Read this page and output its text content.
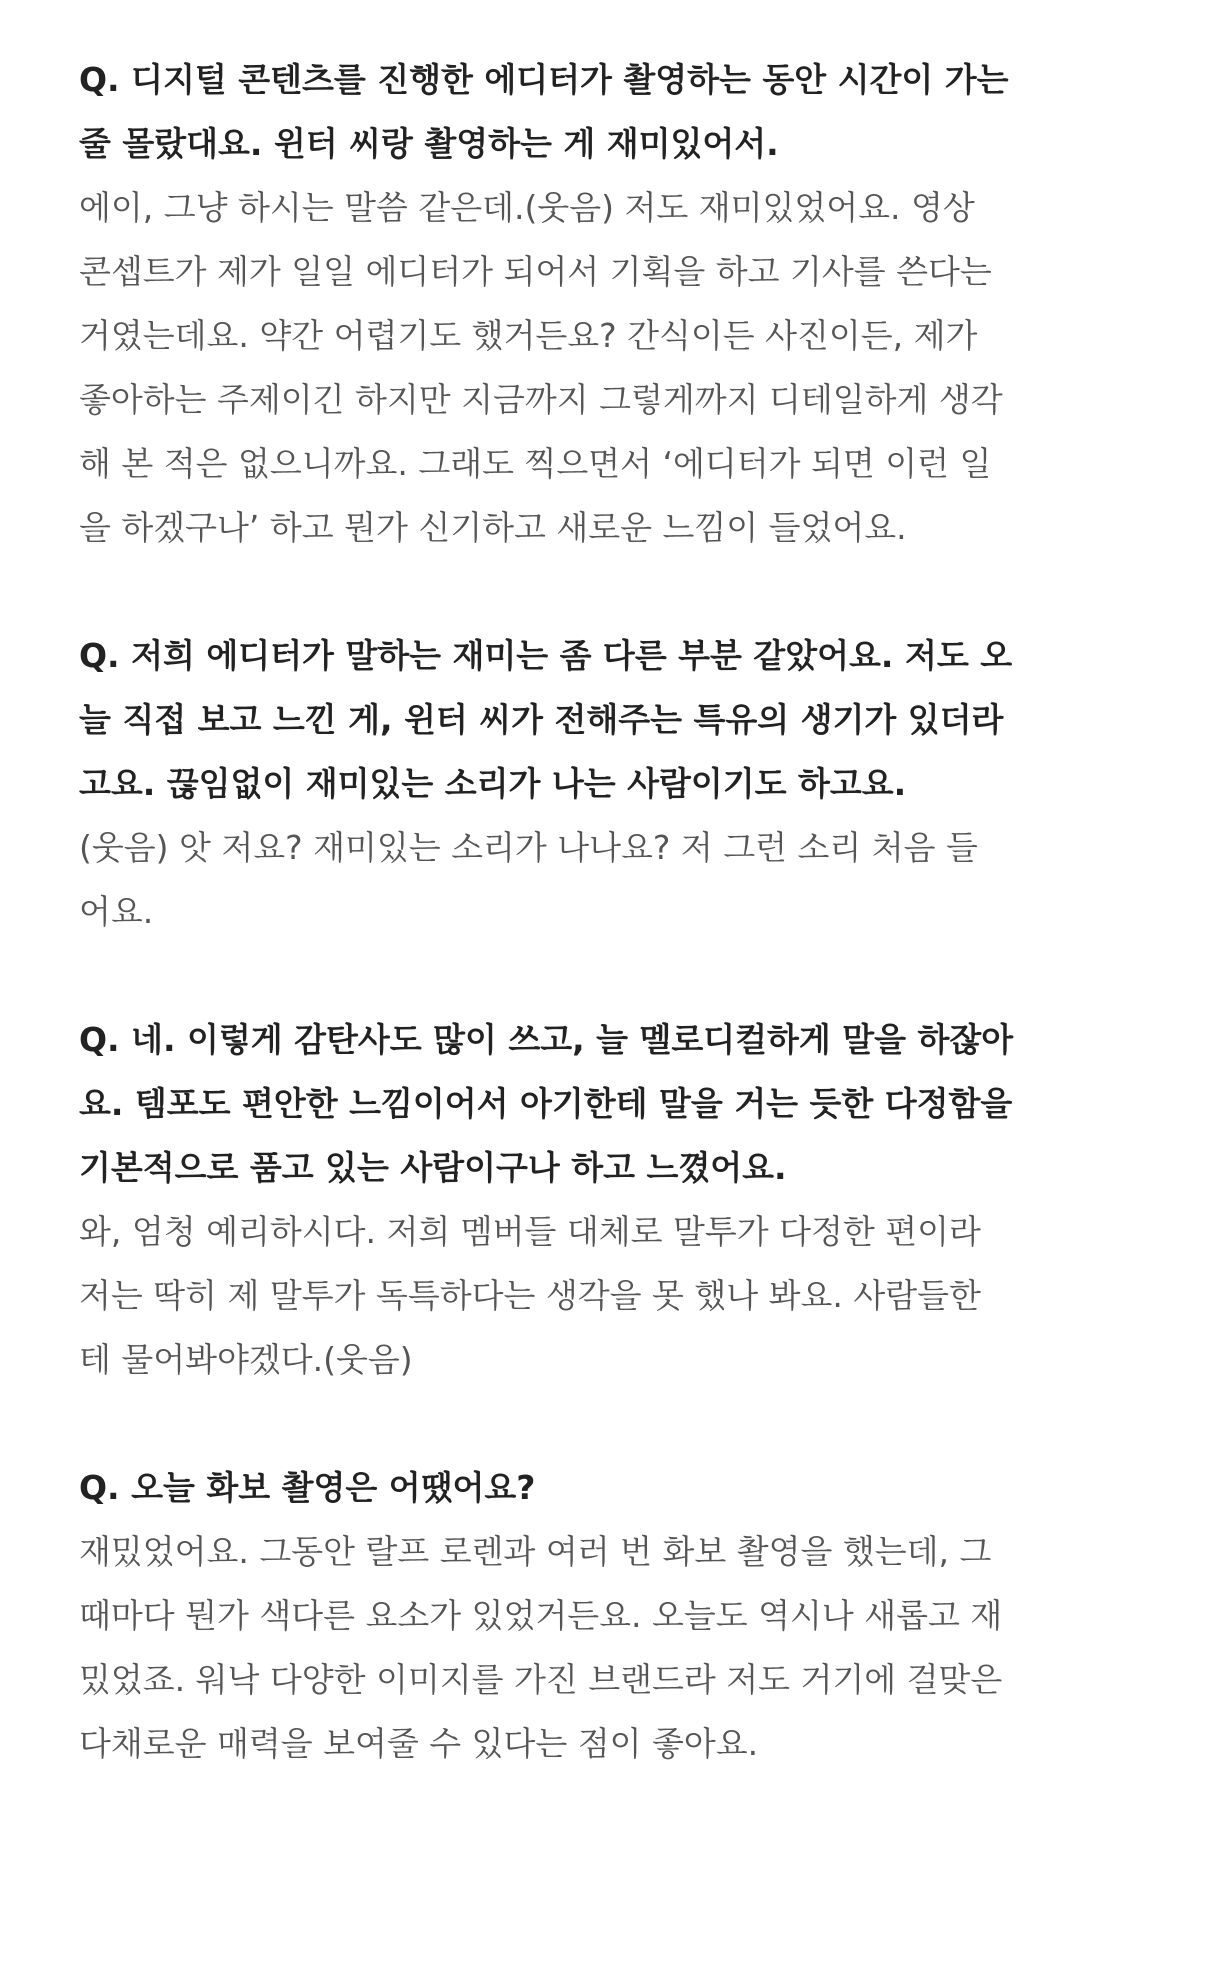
Q. 디지털 콘텐츠를 진행한 에디터가 촬영하는 동안 시간이 가는
줄 몰랐대요. 윈터 씨랑 촬영하는 게 재미있어서.

에이, 그냥 하시는 말씀 같은데.(웃음) 저도 재미있었어요. 영상
콘셉트가 제가 일일 에디터가 되어서 기획을 하고 기사를 쓴다는
거였는데요. 약간 어렵기도 했거든요? 간식이든 사진이든, 제가
좋아하는 주제이긴 하지만 지금까지 그렇게까지 디테일하게 생각
해 본 적은 없으니까요. 그래도 찍으면서 ‘에디터가 되면 이런 일
을 하겠구나’ 하고 뭔가 신기하고 새로운 느낌이 들었어요.

Q. 저희 에디터가 말하는 재미는 좀 다른 부분 같았어요. 저도 오
늘 직접 보고 느낀 게, 윈터 씨가 전해주는 특유의 생기가 있더라
고요. 끊임없이 재미있는 소리가 나는 사람이기도 하고요.

(웃음) 앗 저요? 재미있는 소리가 나나요? 저 그런 소리 처음 들
어요.

Q. 네. 이렇게 감탄사도 많이 쓰고, 늘 멜로디컬하게 말을 하잖아
요. 템포도 편안한 느낌이어서 아기한테 말을 거는 듯한 다정함을
기본적으로 품고 있는 사람이구나 하고 느꼈어요.

와, 엄청 예리하시다. 저희 멤버들 대체로 말투가 다정한 편이라
저는 딱히 제 말투가 독특하다는 생각을 못 했나 봐요. 사람들한
테 물어봐야겠다.(웃음)

Q. 오늘 화보 촬영은 어땠어요?

재밌었어요. 그동안 랄프 로렌과 여러 번 화보 촬영을 했는데, 그
때마다 뭔가 색다른 요소가 있었거든요. 오늘도 역시나 새롭고 재
밌었죠. 워낙 다양한 이미지를 가진 브랜드라 저도 거기에 걸맞은
다채로운 매력을 보여줄 수 있다는 점이 좋아요.
